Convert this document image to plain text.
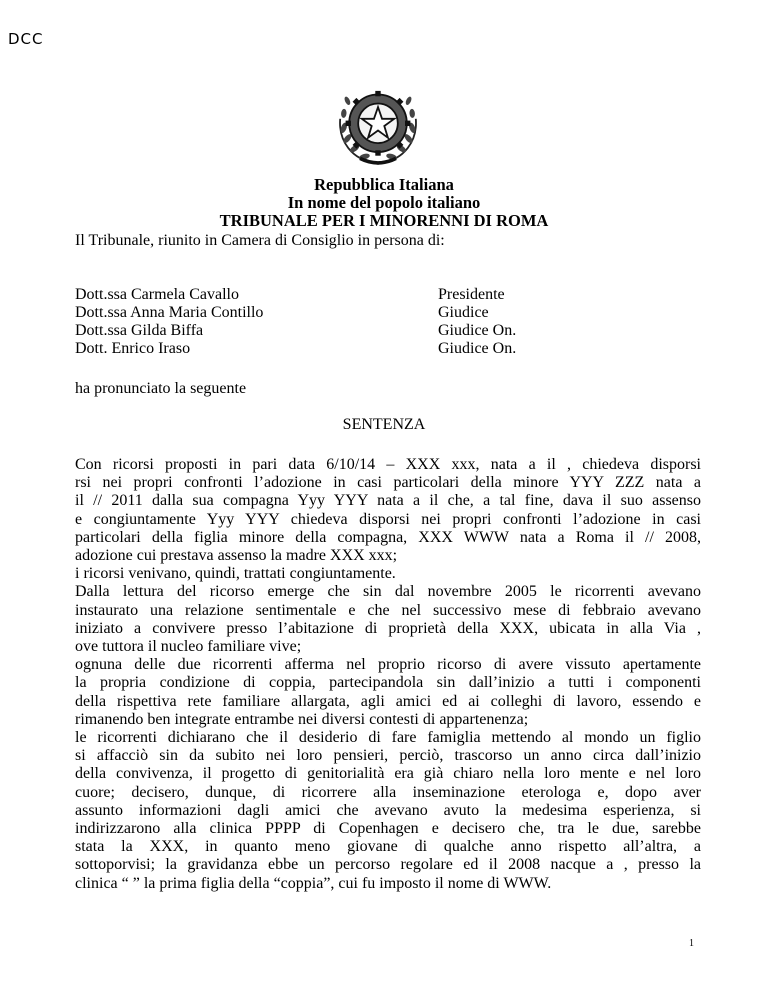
DCC
Repubblica Italiana
In nome del popolo italiano
TRIBUNALE PER I MINORENNI DI ROMA
Il Tribunale, riunito in Camera di Consiglio in persona di:
Dott.ssa Carmela Cavallo	Presidente
Dott.ssa Anna Maria Contillo	Giudice
Dott.ssa Gilda Biffa	Giudice On.
Dott. Enrico Iraso	Giudice On.
ha pronunciato la seguente
SENTENZA

Con ricorsi proposti in pari data 6/10/14 – XXX xxx, nata a il , chiedeva disporsi

rsi nei propri confronti l’adozione in casi particolari della minore YYY ZZZ nata a

il // 2011 dalla sua compagna Yyy YYY nata a il che, a tal fine, dava il suo assenso

e congiuntamente Yyy YYY chiedeva disporsi nei propri confronti l’adozione in casi

particolari della figlia minore della compagna, XXX WWW nata a Roma il // 2008,

adozione cui prestava assenso la madre XXX xxx;

i ricorsi venivano, quindi, trattati congiuntamente.

Dalla lettura del ricorso emerge che sin dal novembre 2005 le ricorrenti avevano

instaurato una relazione sentimentale e che nel successivo mese di febbraio avevano

iniziato a convivere presso l’abitazione di proprietà della XXX, ubicata in alla Via ,

ove tuttora il nucleo familiare vive;

ognuna delle due ricorrenti afferma nel proprio ricorso di avere vissuto apertamente

la propria condizione di coppia, partecipandola sin dall’inizio a tutti i componenti

della rispettiva rete familiare allargata, agli amici ed ai colleghi di lavoro, essendo e

rimanendo ben integrate entrambe nei diversi contesti di appartenenza;

le ricorrenti dichiarano che il desiderio di fare famiglia mettendo al mondo un figlio

si affacciò sin da subito nei loro pensieri, perciò, trascorso un anno circa dall’inizio

della convivenza, il progetto di genitorialità era già chiaro nella loro mente e nel loro

cuore; decisero, dunque, di ricorrere alla inseminazione eterologa e, dopo aver

assunto informazioni dagli amici che avevano avuto la medesima esperienza, si

indirizzarono alla clinica PPPP di Copenhagen e decisero che, tra le due, sarebbe

stata la XXX, in quanto meno giovane di qualche anno rispetto all’altra, a

sottoporvisi; la gravidanza ebbe un percorso regolare ed il 2008 nacque a , presso la

clinica “ ” la prima figlia della “coppia”, cui fu imposto il nome di WWW.

1
